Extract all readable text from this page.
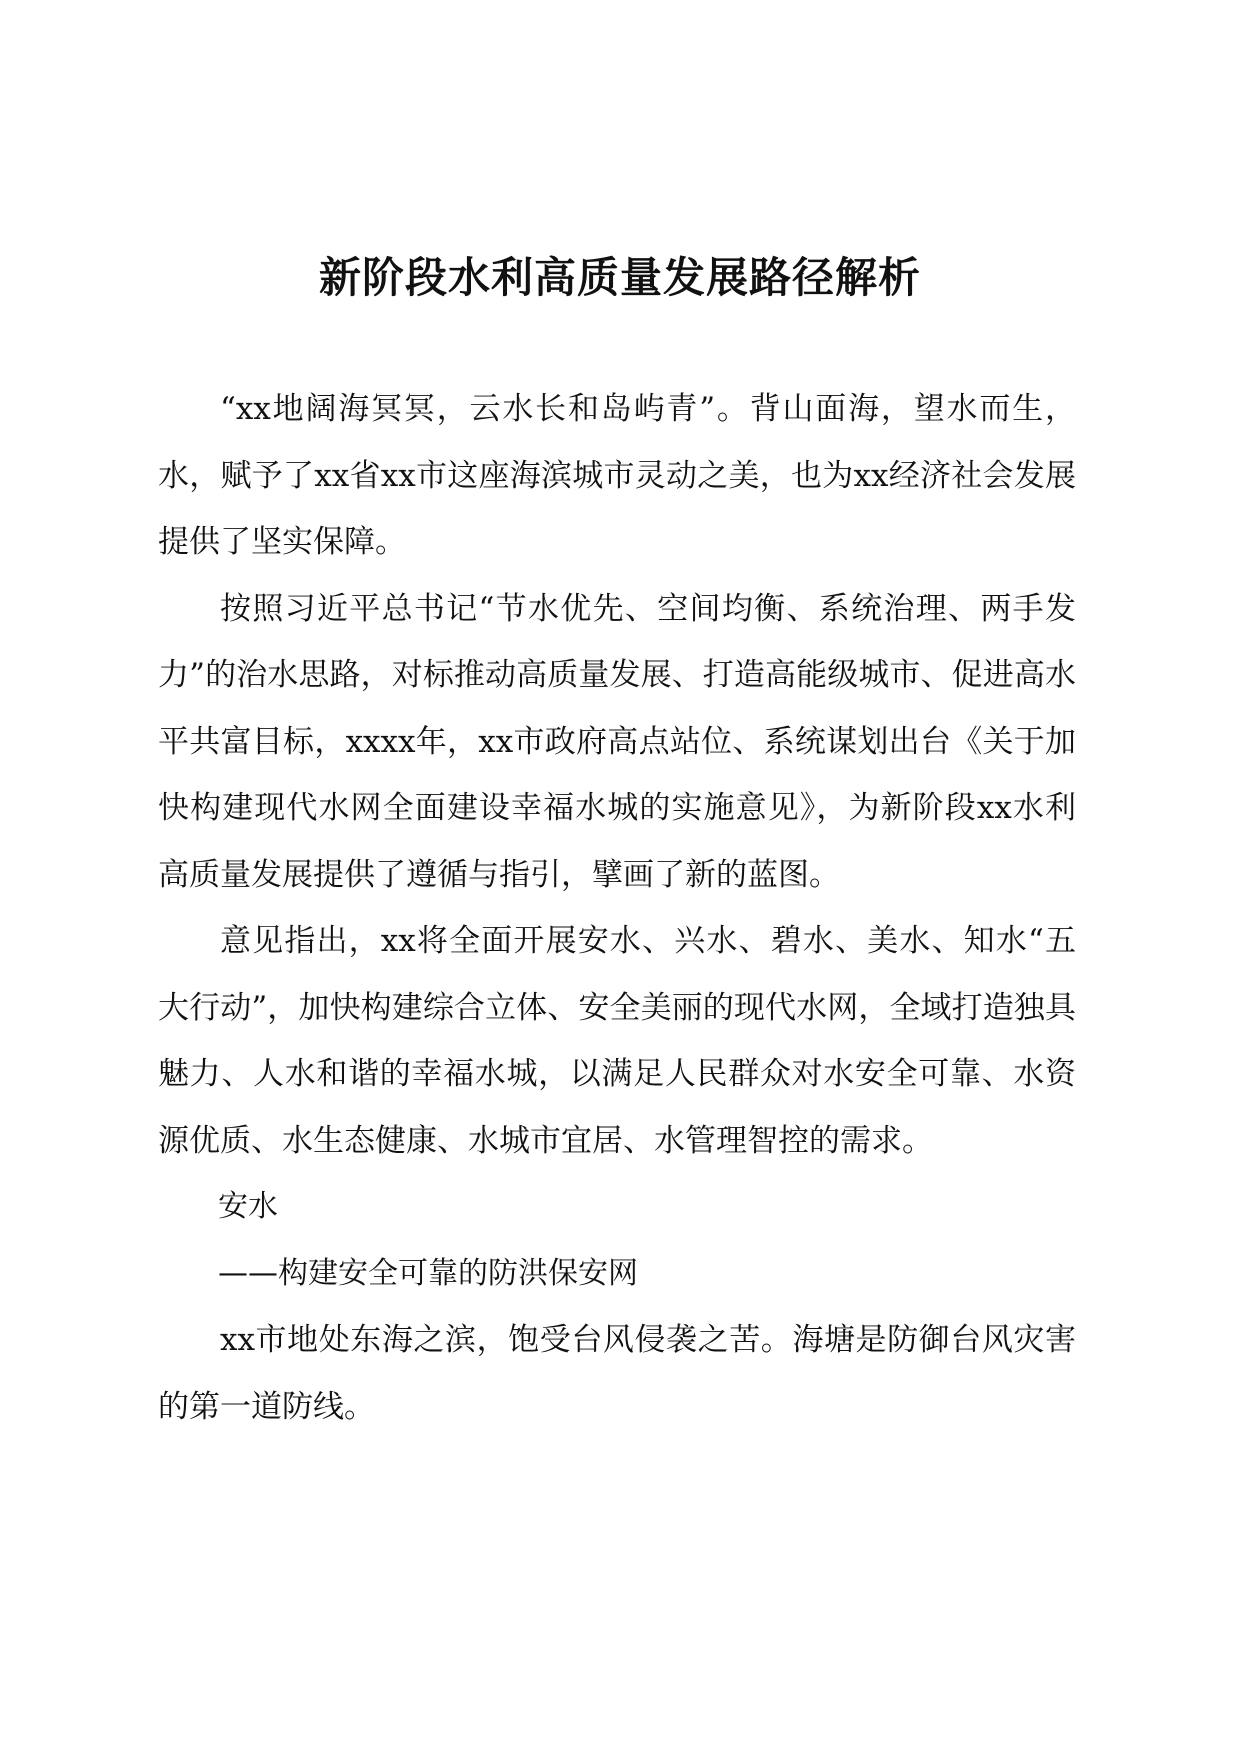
新阶段水利高质量发展路径解析

“xx地阔海冥冥，云水长和岛屿青”。背山面海，望水而生，水，赋予了xx省xx市这座海滨城市灵动之美，也为xx经济社会发展提供了坚实保障。

按照习近平总书记“节水优先、空间均衡、系统治理、两手发力”的治水思路，对标推动高质量发展、打造高能级城市、促进高水平共富目标，xxxx年，xx市政府高点站位、系统谋划出台《关于加快构建现代水网全面建设幸福水城的实施意见》，为新阶段xx水利高质量发展提供了遵循与指引，擘画了新的蓝图。

意见指出，xx将全面开展安水、兴水、碧水、美水、知水“五大行动”，加快构建综合立体、安全美丽的现代水网，全域打造独具魅力、人水和谐的幸福水城，以满足人民群众对水安全可靠、水资源优质、水生态健康、水城市宜居、水管理智控的需求。

安水

——构建安全可靠的防洪保安网

xx市地处东海之滨，饱受台风侵袭之苦。海塘是防御台风灾害的第一道防线。
